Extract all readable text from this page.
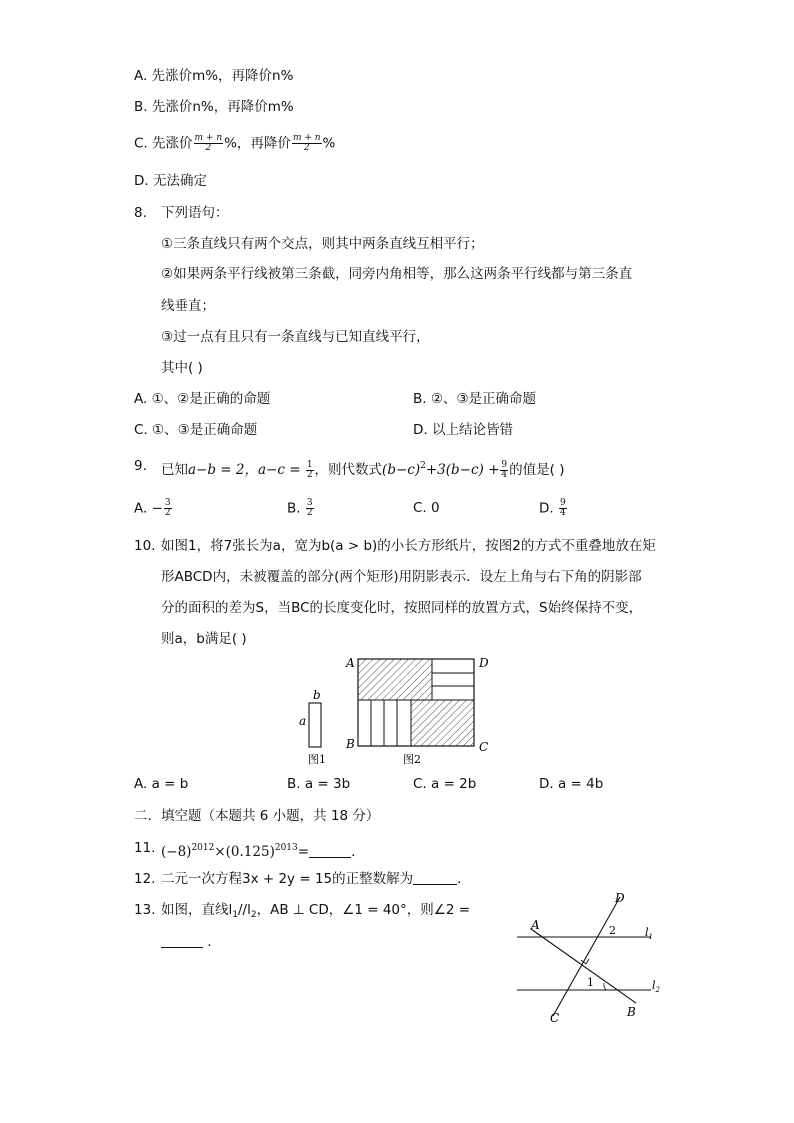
A. 先涨价m%，再降价n%
B. 先涨价n%，再降价m%
C. 先涨价 $\frac{m + n}{2}$ %，再降价 $\frac{m + n}{2}$ %
D. 无法确定
8. 下列语句：
①三条直线只有两个交点，则其中两条直线互相平行；
②如果两条平行线被第三条截，同旁内角相等，那么这两条平行线都与第三条直
线垂直；
③过一点有且只有一条直线与已知直线平行，
其中( )
A. ①、②是正确的命题	B. ②、③是正确命题
C. ①、③是正确命题	D. 以上结论皆错
9. 已知a−b = 2，$a-c = \frac{1}{2}$ ，则代数式$(b-c)^2+3(b-c) + \frac{9}{4}$ 的值是( )
A. − $\frac{3}{2}$	B. $\frac{3}{2}$	C. 0	D. $\frac{9}{4}$
10. 如图1，将7张长为a，宽为b(a > b)的小长方形纸片，按图2的方式不重叠地放在矩
形ABCD内，未被覆盖的部分(两个矩形)用阴影表示．设左上角与右下角的阴影部
分的面积的差为S，当BC的长度变化时，按照同样的放置方式，S始终保持不变，
则a，b满足( )
b
a
图1
A	D
B	C
图2
A. a = b	B. a = 3b	C. a = 2b	D. a = 4b
二．填空题（本题共 6 小题，共 18 分）
11. $(-8)^{2012}\times(0.125)^{2013}=$	.
12. 二元一次方程3x + 2y = 15的正整数解为	.
13. 如图，直线$l_1//l_2$，AB ⊥ CD，∠1 = 40°，则∠2 =
.
D
A	2
1
C	B
$l_1$
$l_2$
